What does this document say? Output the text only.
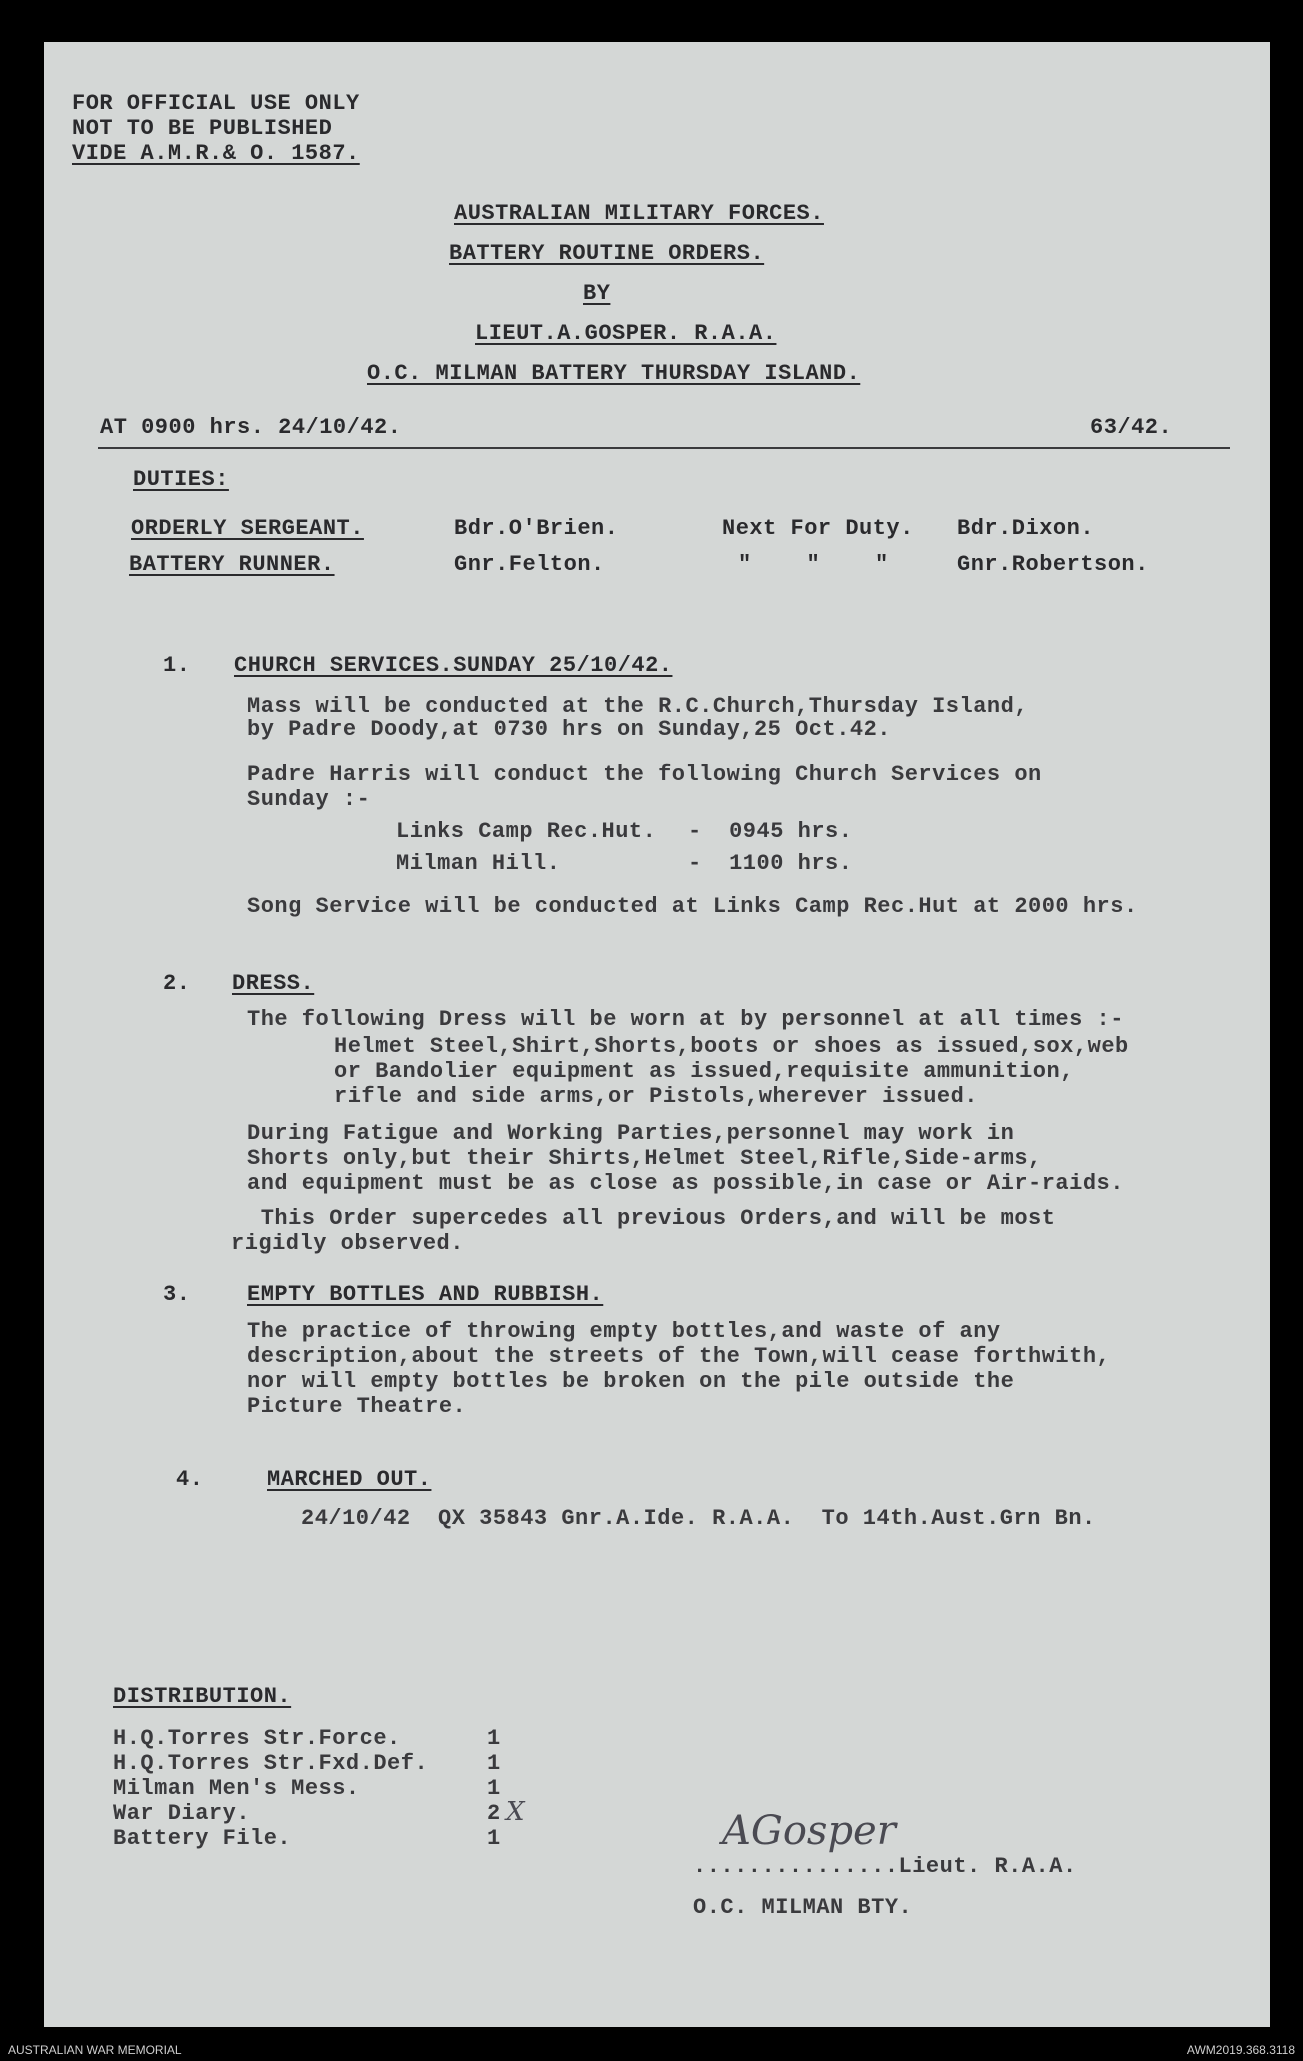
FOR OFFICIAL USE ONLY
NOT TO BE PUBLISHED
VIDE A.M.R.& O. 1587.
AUSTRALIAN MILITARY FORCES.
BATTERY ROUTINE ORDERS.
BY
LIEUT.A.GOSPER. R.A.A.
O.C. MILMAN BATTERY THURSDAY ISLAND.
AT 0900 hrs. 24/10/42.	63/42.
DUTIES:
ORDERLY SERGEANT.	Bdr.O'Brien.	Next For Duty. Bdr.Dixon.
BATTERY RUNNER.	Gnr.Felton.	"    "    "	Gnr.Robertson.
1. CHURCH SERVICES.SUNDAY 25/10/42.
Mass will be conducted at the R.C.Church,Thursday Island,
by Padre Doody,at 0730 hrs on Sunday,25 Oct.42.
Padre Harris will conduct the following Church Services on
Sunday :-
Links Camp Rec.Hut. -  0945 hrs.
Milman Hill.	-  1100 hrs.
Song Service will be conducted at Links Camp Rec.Hut at 2000 hrs.
2. DRESS.
The following Dress will be worn at by personnel at all times :-
Helmet Steel,Shirt,Shorts,boots or shoes as issued,sox,web
or Bandolier equipment as issued,requisite ammunition,
rifle and side arms,or Pistols,wherever issued.
During Fatigue and Working Parties,personnel may work in
Shorts only,but their Shirts,Helmet Steel,Rifle,Side-arms,
and equipment must be as close as possible,in case or Air-raids.
This Order supercedes all previous Orders,and will be most
rigidly observed.
3.	EMPTY BOTTLES AND RUBBISH.
The practice of throwing empty bottles,and waste of any
description,about the streets of the Town,will cease forthwith,
nor will empty bottles be broken on the pile outside the
Picture Theatre.
4.	MARCHED OUT.
24/10/42  QX 35843 Gnr.A.Ide. R.A.A.  To 14th.Aust.Grn Bn.
DISTRIBUTION.
H.Q.Torres Str.Force.	1
H.Q.Torres Str.Fxd.Def.	1
Milman Men's Mess.	1
War Diary.	2 X
Battery File.	1	AGosper
...............Lieut. R.A.A.
O.C. MILMAN BTY.
AUSTRALIAN WAR MEMORIAL	AWM2019.368.3118
